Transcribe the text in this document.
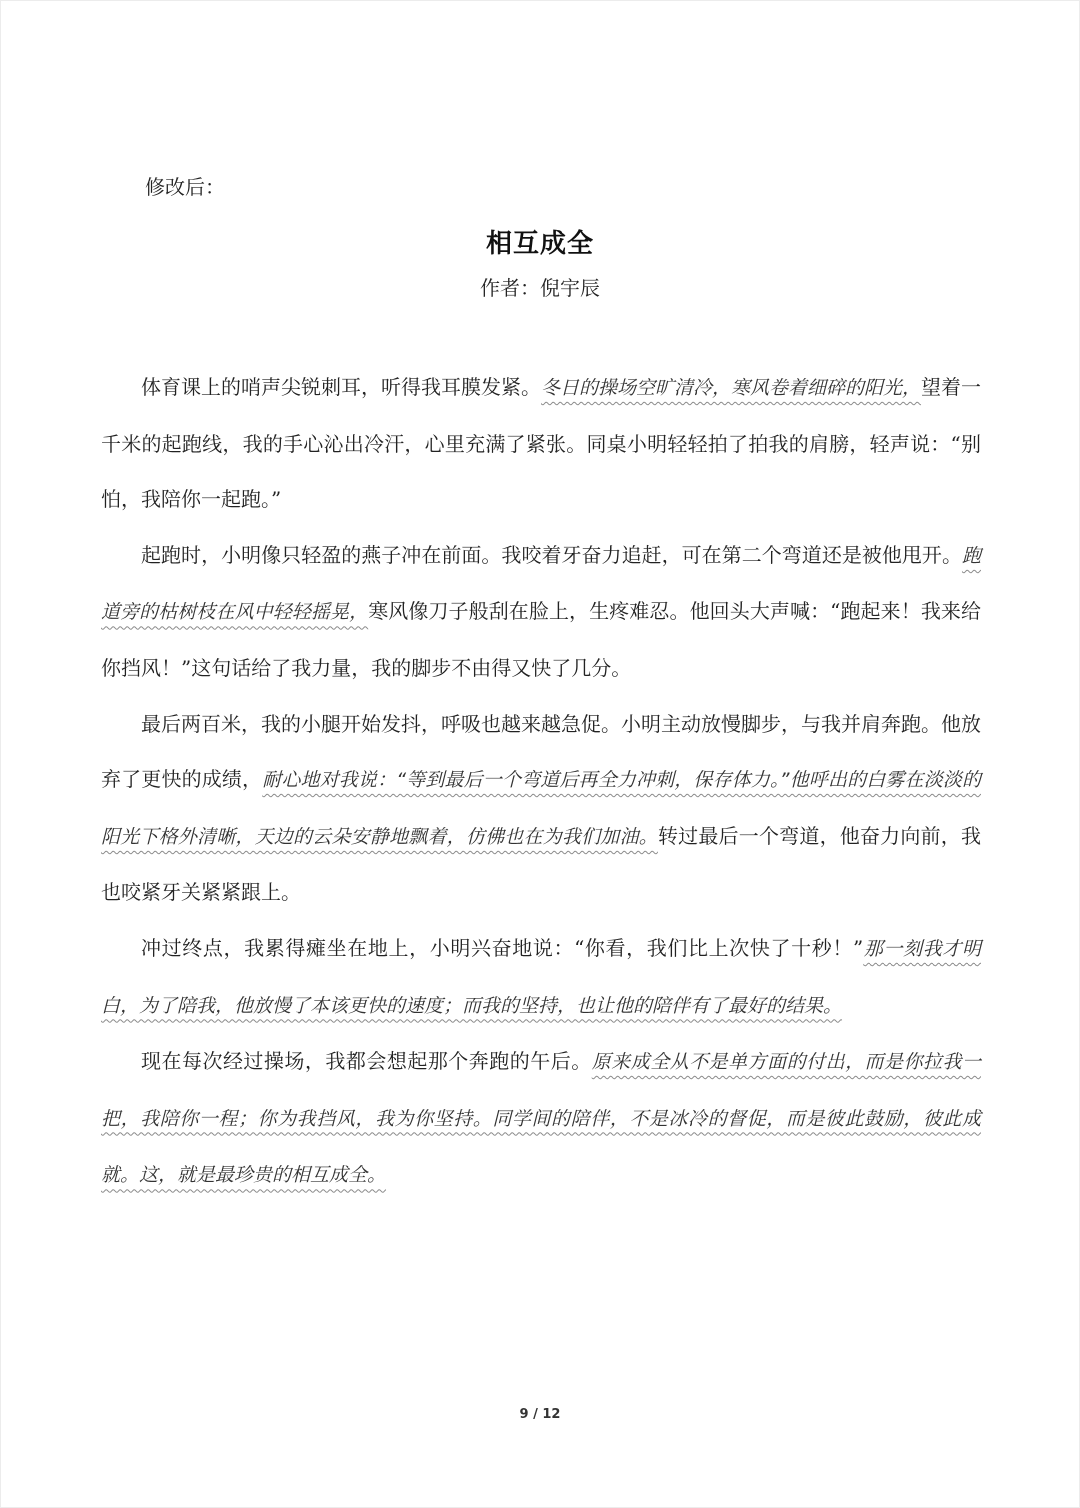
修改后：
相互成全
作者：倪宇辰

体育课上的哨声尖锐刺耳，听得我耳膜发紧。冬日的操场空旷清冷，寒风卷着细碎的阳光，望着一千米的起跑线，我的手心沁出冷汗，心里充满了紧张。同桌小明轻轻拍了拍我的肩膀，轻声说：“别怕，我陪你一起跑。”

起跑时，小明像只轻盈的燕子冲在前面。我咬着牙奋力追赶，可在第二个弯道还是被他甩开。跑道旁的枯树枝在风中轻轻摇晃，寒风像刀子般刮在脸上，生疼难忍。他回头大声喊：“跑起来！我来给你挡风！”这句话给了我力量，我的脚步不由得又快了几分。

最后两百米，我的小腿开始发抖，呼吸也越来越急促。小明主动放慢脚步，与我并肩奔跑。他放弃了更快的成绩，耐心地对我说：“等到最后一个弯道后再全力冲刺，保存体力。”他呼出的白雾在淡淡的阳光下格外清晰，天边的云朵安静地飘着，仿佛也在为我们加油。转过最后一个弯道，他奋力向前，我也咬紧牙关紧紧跟上。

冲过终点，我累得瘫坐在地上，小明兴奋地说：“你看，我们比上次快了十秒！”那一刻我才明白，为了陪我，他放慢了本该更快的速度；而我的坚持，也让他的陪伴有了最好的结果。

现在每次经过操场，我都会想起那个奔跑的午后。原来成全从不是单方面的付出，而是你拉我一把，我陪你一程；你为我挡风，我为你坚持。同学间的陪伴，不是冰冷的督促，而是彼此鼓励，彼此成就。这，就是最珍贵的相互成全。

9 / 12
